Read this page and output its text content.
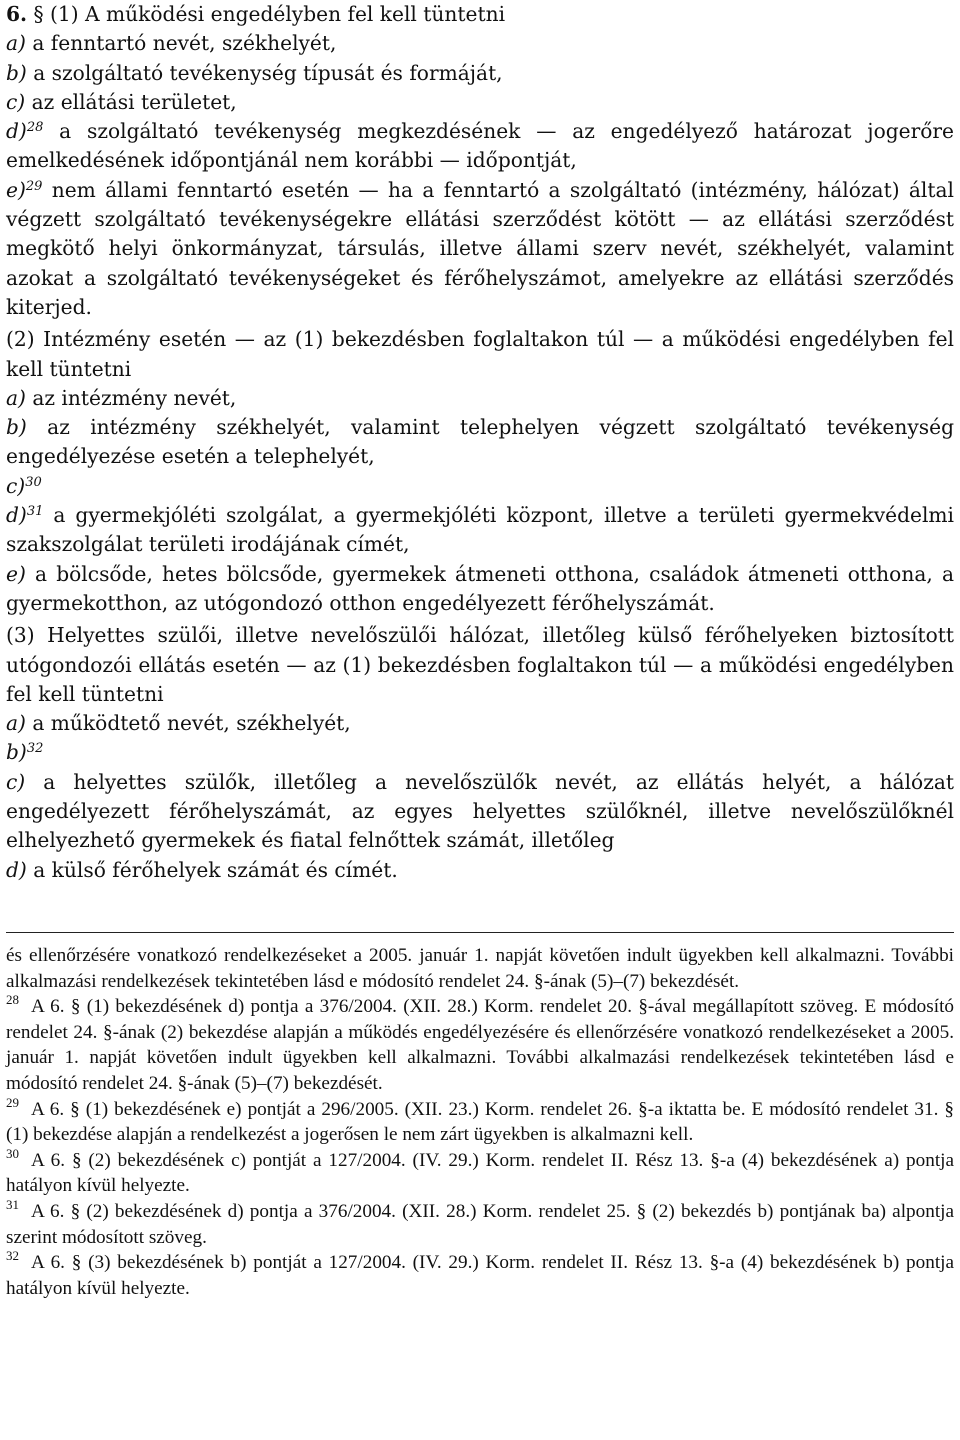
6. § (1) A működési engedélyben fel kell tüntetni

a) a fenntartó nevét, székhelyét,

b) a szolgáltató tevékenység típusát és formáját,

c) az ellátási területet,

d)$^{28}$ a szolgáltató tevékenység megkezdésének — az engedélyező határozat jogerőre emelkedésének időpontjánál nem korábbi — időpontját,

e)$^{29}$ nem állami fenntartó esetén — ha a fenntartó a szolgáltató (intézmény, hálózat) által végzett szolgáltató tevékenységekre ellátási szerződést kötött — az ellátási szerződést megkötő helyi önkormányzat, társulás, illetve állami szerv nevét, székhelyét, valamint azokat a szolgáltató tevékenységeket és férőhelyszámot, amelyekre az ellátási szerződés kiterjed.

(2) Intézmény esetén — az (1) bekezdésben foglaltakon túl — a működési engedélyben fel kell tüntetni

a) az intézmény nevét,

b) az intézmény székhelyét, valamint telephelyen végzett szolgáltató tevékenység engedélyezése esetén a telephelyét,

c)$^{30}$

d)$^{31}$ a gyermekjóléti szolgálat, a gyermekjóléti központ, illetve a területi gyermekvédelmi szakszolgálat területi irodájának címét,

e) a bölcsőde, hetes bölcsőde, gyermekek átmeneti otthona, családok átmeneti otthona, a gyermekotthon, az utógondozó otthon engedélyezett férőhelyszámát.

(3) Helyettes szülői, illetve nevelőszülői hálózat, illetőleg külső férőhelyeken biztosított utógondozói ellátás esetén — az (1) bekezdésben foglaltakon túl — a működési engedélyben fel kell tüntetni

a) a működtető nevét, székhelyét,

b)$^{32}$

c) a helyettes szülők, illetőleg a nevelőszülők nevét, az ellátás helyét, a hálózat engedélyezett férőhelyszámát, az egyes helyettes szülőknél, illetve nevelőszülőknél elhelyezhető gyermekek és fiatal felnőttek számát, illetőleg

d) a külső férőhelyek számát és címét.

és ellenőrzésére vonatkozó rendelkezéseket a 2005. január 1. napját követően indult ügyekben kell alkalmazni. További alkalmazási rendelkezések tekintetében lásd e módosító rendelet 24. §-ának (5)–(7) bekezdését.

$^{28}$ A 6. § (1) bekezdésének d) pontja a 376/2004. (XII. 28.) Korm. rendelet 20. §-ával megállapított szöveg. E módosító rendelet 24. §-ának (2) bekezdése alapján a működés engedélyezésére és ellenőrzésére vonatkozó rendelkezéseket a 2005. január 1. napját követően indult ügyekben kell alkalmazni. További alkalmazási rendelkezések tekintetében lásd e módosító rendelet 24. §-ának (5)–(7) bekezdését.

$^{29}$ A 6. § (1) bekezdésének e) pontját a 296/2005. (XII. 23.) Korm. rendelet 26. §-a iktatta be. E módosító rendelet 31. § (1) bekezdése alapján a rendelkezést a jogerősen le nem zárt ügyekben is alkalmazni kell.

$^{30}$ A 6. § (2) bekezdésének c) pontját a 127/2004. (IV. 29.) Korm. rendelet II. Rész 13. §-a (4) bekezdésének a) pontja hatályon kívül helyezte.

$^{31}$ A 6. § (2) bekezdésének d) pontja a 376/2004. (XII. 28.) Korm. rendelet 25. § (2) bekezdés b) pontjának ba) alpontja szerint módosított szöveg.

$^{32}$ A 6. § (3) bekezdésének b) pontját a 127/2004. (IV. 29.) Korm. rendelet II. Rész 13. §-a (4) bekezdésének b) pontja hatályon kívül helyezte.
